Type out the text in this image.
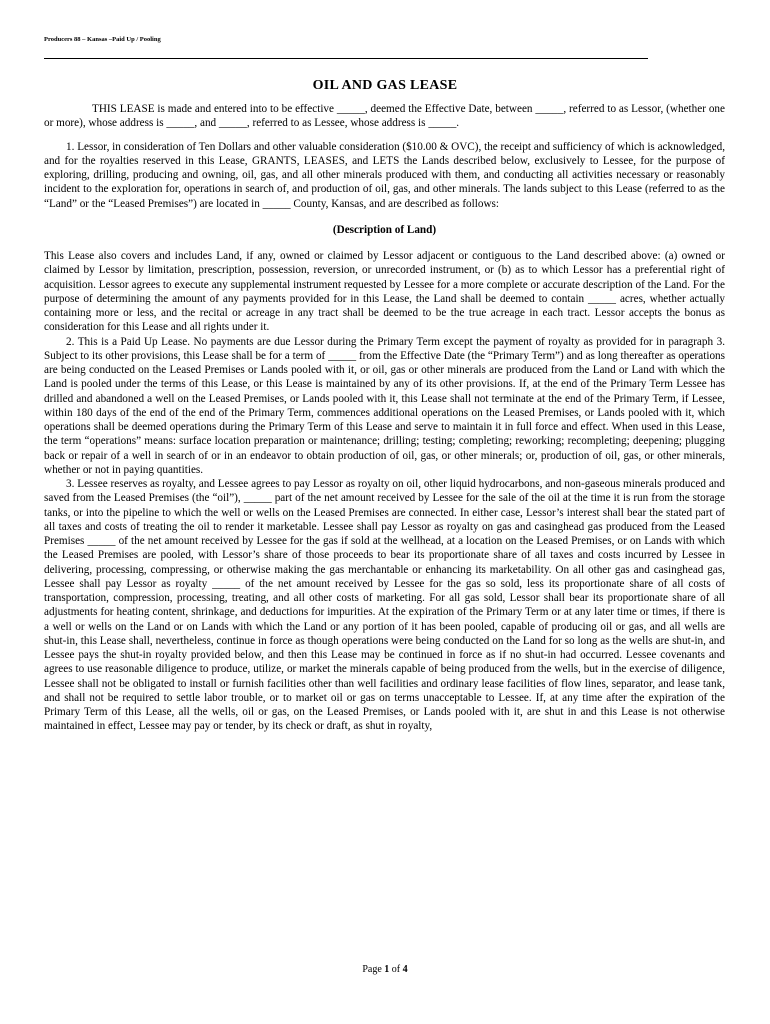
Producers 88 – Kansas –Paid Up / Pooling
OIL AND GAS LEASE

THIS LEASE is made and entered into to be effective _____, deemed the Effective Date, between _____, referred to as Lessor, (whether one or more), whose address is _____, and _____, referred to as Lessee, whose address is _____.

1. Lessor, in consideration of Ten Dollars and other valuable consideration ($10.00 & OVC), the receipt and sufficiency of which is acknowledged, and for the royalties reserved in this Lease, GRANTS, LEASES, and LETS the Lands described below, exclusively to Lessee, for the purpose of exploring, drilling, producing and owning, oil, gas, and all other minerals produced with them, and conducting all activities necessary or reasonably incident to the exploration for, operations in search of, and production of oil, gas, and other minerals. The lands subject to this Lease (referred to as the “Land” or the “Leased Premises”) are located in _____ County, Kansas, and are described as follows:

(Description of Land)

This Lease also covers and includes Land, if any, owned or claimed by Lessor adjacent or contiguous to the Land described above: (a) owned or claimed by Lessor by limitation, prescription, possession, reversion, or unrecorded instrument, or (b) as to which Lessor has a preferential right of acquisition. Lessor agrees to execute any supplemental instrument requested by Lessee for a more complete or accurate description of the Land. For the purpose of determining the amount of any payments provided for in this Lease, the Land shall be deemed to contain _____ acres, whether actually containing more or less, and the recital or acreage in any tract shall be deemed to be the true acreage in each tract. Lessor accepts the bonus as consideration for this Lease and all rights under it.

2. This is a Paid Up Lease. No payments are due Lessor during the Primary Term except the payment of royalty as provided for in paragraph 3. Subject to its other provisions, this Lease shall be for a term of _____ from the Effective Date (the “Primary Term”) and as long thereafter as operations are being conducted on the Leased Premises or Lands pooled with it, or oil, gas or other minerals are produced from the Land or Land with which the Land is pooled under the terms of this Lease, or this Lease is maintained by any of its other provisions. If, at the end of the Primary Term Lessee has drilled and abandoned a well on the Leased Premises, or Lands pooled with it, this Lease shall not terminate at the end of the Primary Term, if Lessee, within 180 days of the end of the end of the Primary Term, commences additional operations on the Leased Premises, or Lands pooled with it, which operations shall be deemed operations during the Primary Term of this Lease and serve to maintain it in full force and effect. When used in this Lease, the term “operations” means: surface location preparation or maintenance; drilling; testing; completing; reworking; recompleting; deepening; plugging back or repair of a well in search of or in an endeavor to obtain production of oil, gas, or other minerals; or, production of oil, gas, or other minerals, whether or not in paying quantities.

3. Lessee reserves as royalty, and Lessee agrees to pay Lessor as royalty on oil, other liquid hydrocarbons, and non-gaseous minerals produced and saved from the Leased Premises (the “oil”), _____ part of the net amount received by Lessee for the sale of the oil at the time it is run from the storage tanks, or into the pipeline to which the well or wells on the Leased Premises are connected. In either case, Lessor’s interest shall bear the stated part of all taxes and costs of treating the oil to render it marketable. Lessee shall pay Lessor as royalty on gas and casinghead gas produced from the Leased Premises _____ of the net amount received by Lessee for the gas if sold at the wellhead, at a location on the Leased Premises, or on Lands with which the Leased Premises are pooled, with Lessor’s share of those proceeds to bear its proportionate share of all taxes and costs incurred by Lessee in delivering, processing, compressing, or otherwise making the gas merchantable or enhancing its marketability. On all other gas and casinghead gas, Lessee shall pay Lessor as royalty _____ of the net amount received by Lessee for the gas so sold, less its proportionate share of all costs of transportation, compression, processing, treating, and all other costs of marketing. For all gas sold, Lessor shall bear its proportionate share of all adjustments for heating content, shrinkage, and deductions for impurities. At the expiration of the Primary Term or at any later time or times, if there is a well or wells on the Land or on Lands with which the Land or any portion of it has been pooled, capable of producing oil or gas, and all wells are shut-in, this Lease shall, nevertheless, continue in force as though operations were being conducted on the Land for so long as the wells are shut-in, and Lessee pays the shut-in royalty provided below, and then this Lease may be continued in force as if no shut-in had occurred. Lessee covenants and agrees to use reasonable diligence to produce, utilize, or market the minerals capable of being produced from the wells, but in the exercise of diligence, Lessee shall not be obligated to install or furnish facilities other than well facilities and ordinary lease facilities of flow lines, separator, and lease tank, and shall not be required to settle labor trouble, or to market oil or gas on terms unacceptable to Lessee. If, at any time after the expiration of the Primary Term of this Lease, all the wells, oil or gas, on the Leased Premises, or Lands pooled with it, are shut in and this Lease is not otherwise maintained in effect, Lessee may pay or tender, by its check or draft, as shut in royalty,

Page 1 of 4
